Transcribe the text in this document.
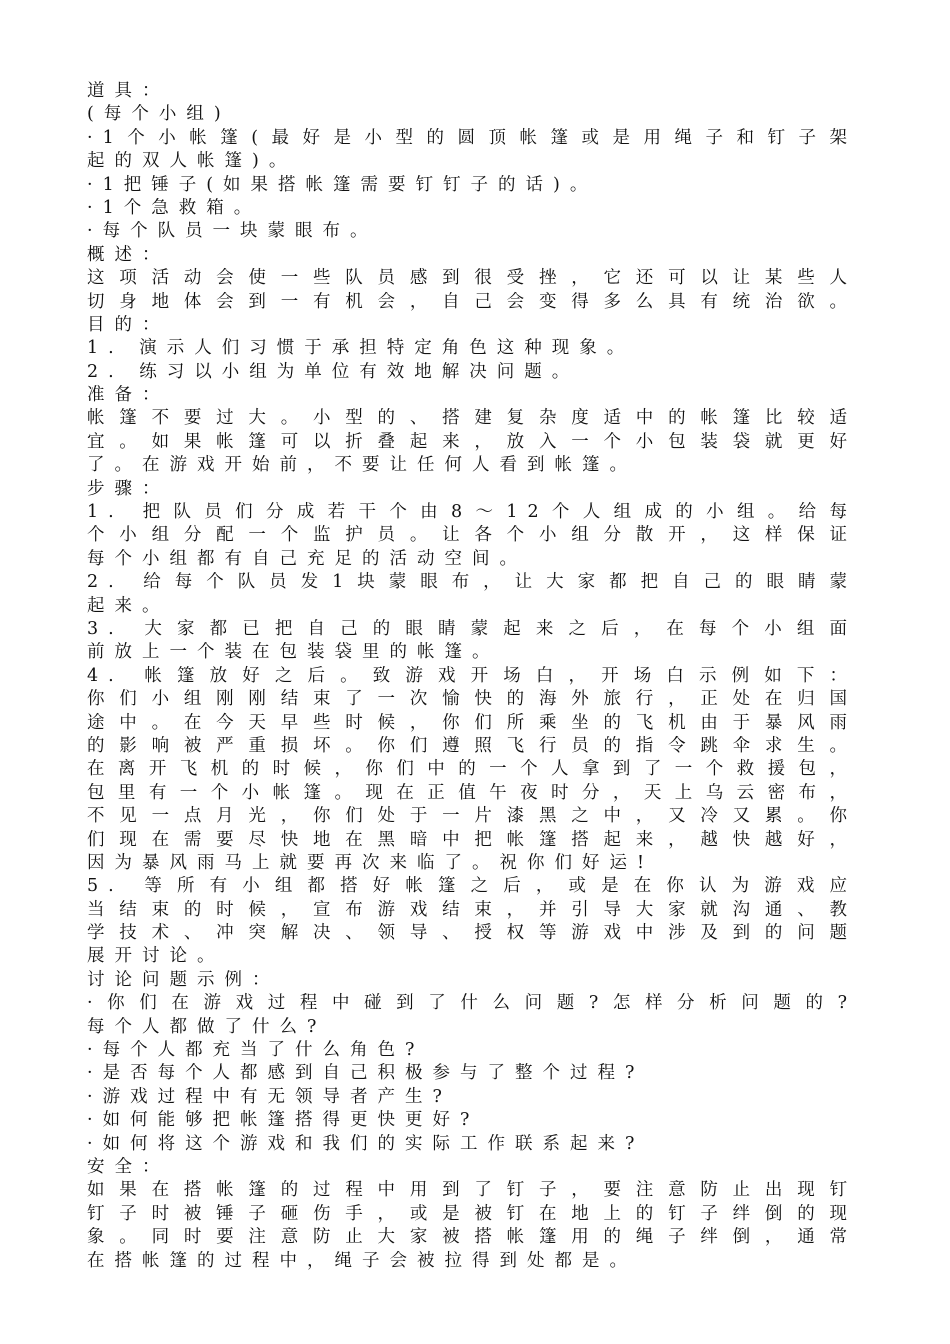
道具：
(每个小组)
·1个小帐篷(最好是小型的圆顶帐篷或是用绳子和钉子架
起的双人帐篷)。
·1把锤子(如果搭帐篷需要钉钉子的话)。
·1个急救箱。
·每个队员一块蒙眼布。
概述：
这项活动会使一些队员感到很受挫，它还可以让某些人
切身地体会到一有机会，自己会变得多么具有统治欲。
目的：
1. 演示人们习惯于承担特定角色这种现象。
2. 练习以小组为单位有效地解决问题。
准备：
帐篷不要过大。小型的、搭建复杂度适中的帐篷比较适
宜。如果帐篷可以折叠起来，放入一个小包装袋就更好
了。在游戏开始前，不要让任何人看到帐篷。
步骤：
1. 把队员们分成若干个由8～12个人组成的小组。给每
个小组分配一个监护员。让各个小组分散开，这样保证
每个小组都有自己充足的活动空间。
2. 给每个队员发1块蒙眼布，让大家都把自己的眼睛蒙
起来。
3. 大家都已把自己的眼睛蒙起来之后，在每个小组面
前放上一个装在包装袋里的帐篷。
4. 帐篷放好之后。致游戏开场白，开场白示例如下：
你们小组刚刚结束了一次愉快的海外旅行，正处在归国
途中。在今天早些时候，你们所乘坐的飞机由于暴风雨
的影响被严重损坏。你们遵照飞行员的指令跳伞求生。
在离开飞机的时候，你们中的一个人拿到了一个救援包，
包里有一个小帐篷。现在正值午夜时分，天上乌云密布，
不见一点月光，你们处于一片漆黑之中，又冷又累。你
们现在需要尽快地在黑暗中把帐篷搭起来，越快越好，
因为暴风雨马上就要再次来临了。祝你们好运!
5. 等所有小组都搭好帐篷之后，或是在你认为游戏应
当结束的时候，宣布游戏结束，并引导大家就沟通、教
学技术、冲突解决、领导、授权等游戏中涉及到的问题
展开讨论。
讨论问题示例：
·你们在游戏过程中碰到了什么问题?怎样分析问题的?
每个人都做了什么?
·每个人都充当了什么角色?
·是否每个人都感到自己积极参与了整个过程?
·游戏过程中有无领导者产生?
·如何能够把帐篷搭得更快更好?
·如何将这个游戏和我们的实际工作联系起来?
安全：
如果在搭帐篷的过程中用到了钉子，要注意防止出现钉
钉子时被锤子砸伤手，或是被钉在地上的钉子绊倒的现
象。同时要注意防止大家被搭帐篷用的绳子绊倒，通常
在搭帐篷的过程中，绳子会被拉得到处都是。
